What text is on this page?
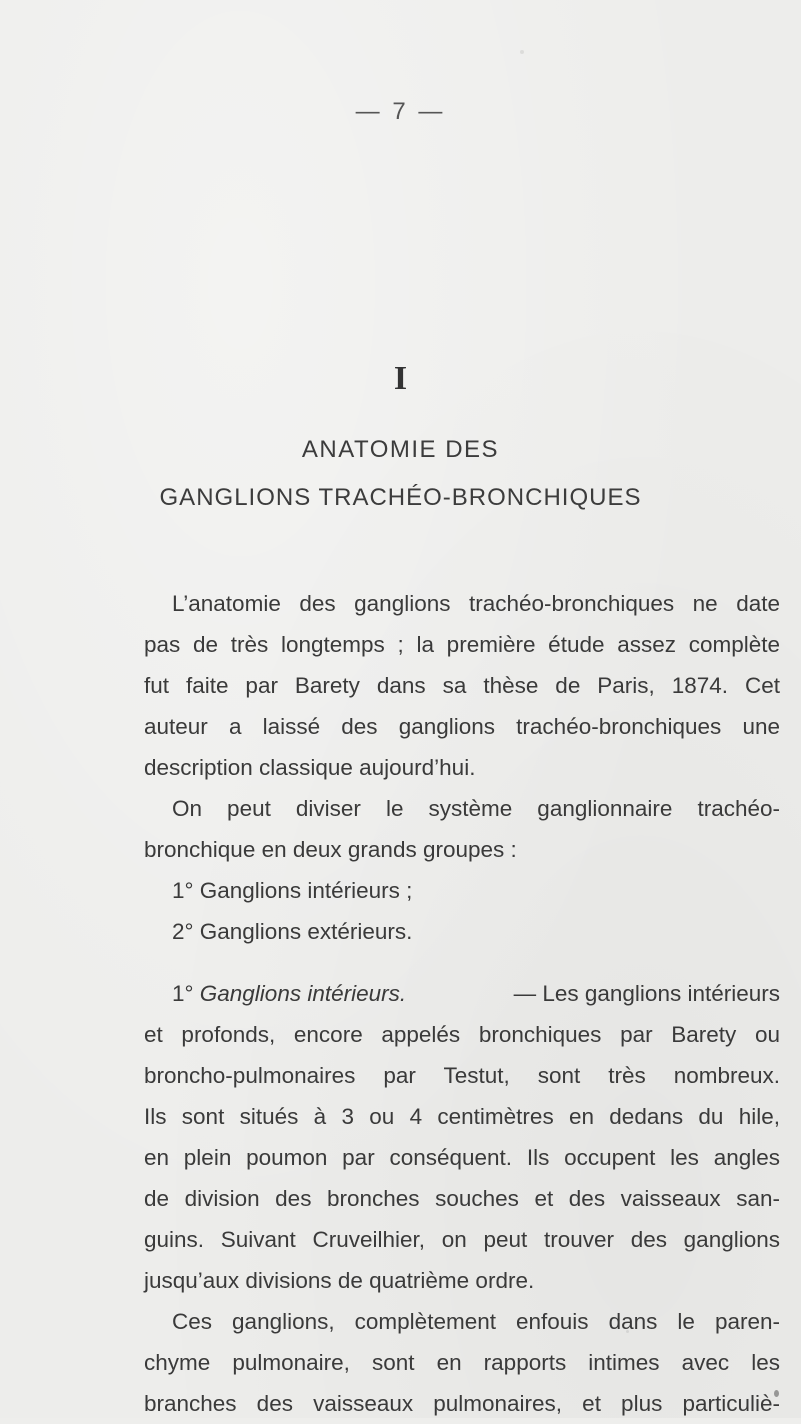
— 7 —
I
ANATOMIE DES
GANGLIONS TRACHÉO-BRONCHIQUES
L’anatomie des ganglions trachéo-bronchiques ne date
pas de très longtemps ; la première étude assez complète
fut faite par Barety dans sa thèse de Paris, 1874. Cet
auteur a laissé des ganglions trachéo-bronchiques une
description classique aujourd’hui.
On peut diviser le système ganglionnaire trachéo-
bronchique en deux grands groupes :
1° Ganglions intérieurs ;
2° Ganglions extérieurs.
1° Ganglions intérieurs.	— Les ganglions intérieurs
et profonds, encore appelés bronchiques par Barety ou
broncho-pulmonaires par Testut, sont très nombreux.
Ils sont situés à 3 ou 4 centimètres en dedans du hile,
en plein poumon par conséquent. Ils occupent les angles
de division des bronches souches et des vaisseaux san-
guins. Suivant Cruveilhier, on peut trouver des ganglions
jusqu’aux divisions de quatrième ordre.
Ces ganglions, complètement enfouis dans le paren-
chyme pulmonaire, sont en rapports intimes avec les
branches des vaisseaux pulmonaires, et plus particuliè-
